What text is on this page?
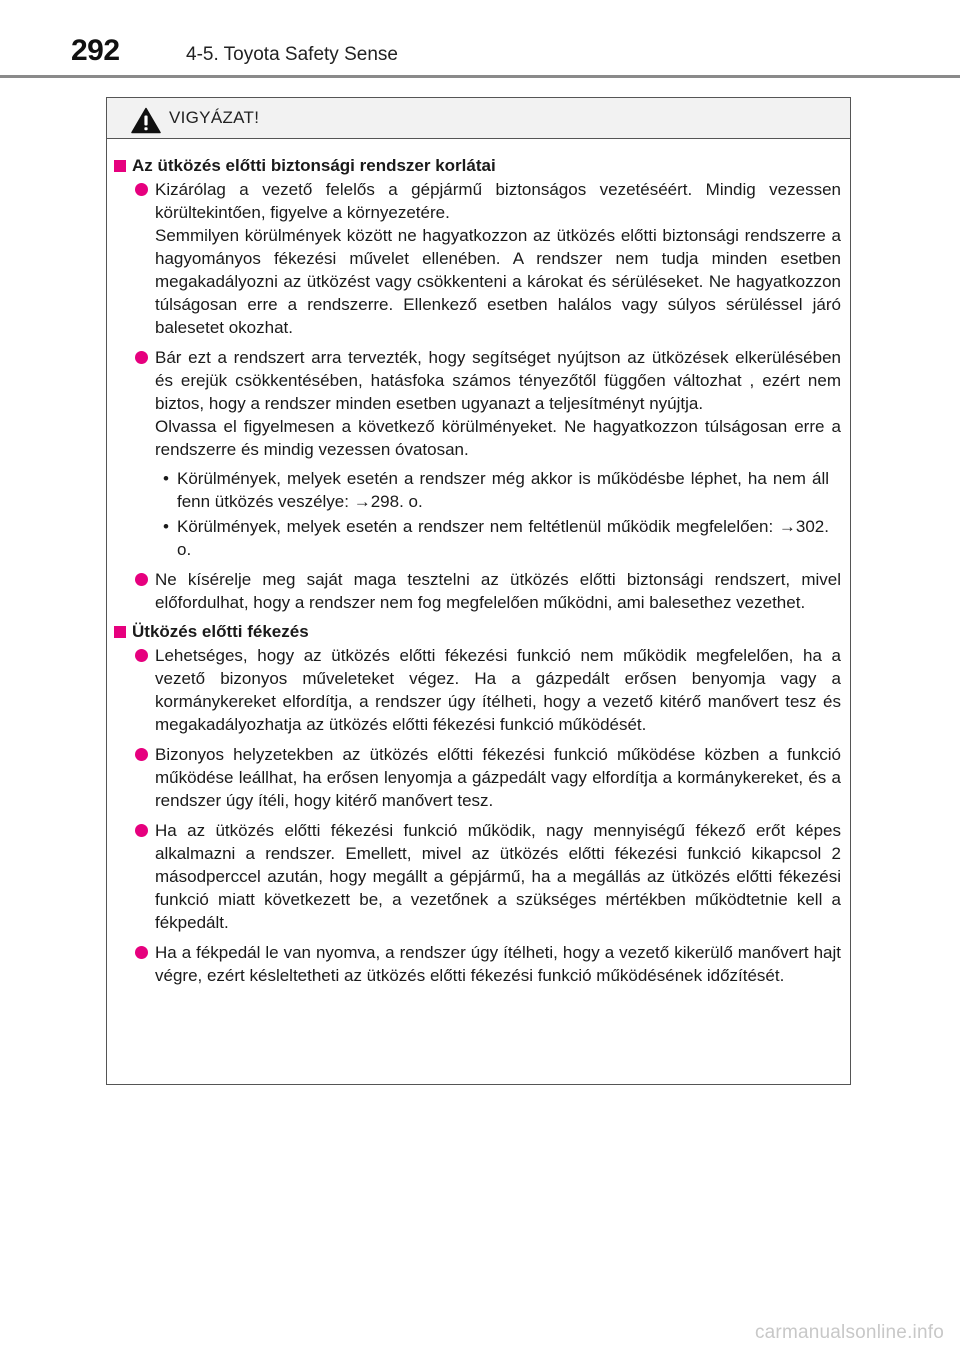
292	4-5. Toyota Safety Sense
VIGYÁZAT!
Az ütközés előtti biztonsági rendszer korlátai

Kizárólag a vezető felelős a gépjármű biztonságos vezetéséért. Mindig vezessen körültekintően, figyelve a környezetére.

Semmilyen körülmények között ne hagyatkozzon az ütközés előtti biztonsági rendszerre a hagyományos fékezési művelet ellenében. A rendszer nem tudja minden esetben megakadályozni az ütközést vagy csökkenteni a károkat és sérüléseket. Ne hagyatkozzon túlságosan erre a rendszerre. Ellenkező esetben halálos vagy súlyos sérüléssel járó balesetet okozhat.

Bár ezt a rendszert arra tervezték, hogy segítséget nyújtson az ütközések elkerülésében és erejük csökkentésében, hatásfoka számos tényezőtől függően változhat , ezért nem biztos, hogy a rendszer minden esetben ugyanazt a teljesítményt nyújtja.

Olvassa el figyelmesen a következő körülményeket. Ne hagyatkozzon túlságosan erre a rendszerre és mindig vezessen óvatosan.

• Körülmények, melyek esetén a rendszer még akkor is működésbe léphet, ha nem áll fenn ütközés veszélye: →298. o.
• Körülmények, melyek esetén a rendszer nem feltétlenül működik megfelelően: →302. o.

Ne kísérelje meg saját maga tesztelni az ütközés előtti biztonsági rendszert, mivel előfordulhat, hogy a rendszer nem fog megfelelően működni, ami balesethez vezethet.

Ütközés előtti fékezés

Lehetséges, hogy az ütközés előtti fékezési funkció nem működik megfelelően, ha a vezető bizonyos műveleteket végez. Ha a gázpedált erősen benyomja vagy a kormánykereket elfordítja, a rendszer úgy ítélheti, hogy a vezető kitérő manővert tesz és megakadályozhatja az ütközés előtti fékezési funkció működését.

Bizonyos helyzetekben az ütközés előtti fékezési funkció működése közben a funkció működése leállhat, ha erősen lenyomja a gázpedált vagy elfordítja a kormánykereket, és a rendszer úgy ítéli, hogy kitérő manővert tesz.

Ha az ütközés előtti fékezési funkció működik, nagy mennyiségű fékező erőt képes alkalmazni a rendszer. Emellett, mivel az ütközés előtti fékezési funkció kikapcsol 2 másodperccel azután, hogy megállt a gépjármű, ha a megállás az ütközés előtti fékezési funkció miatt következett be, a vezetőnek a szükséges mértékben működtetnie kell a fékpedált.

Ha a fékpedál le van nyomva, a rendszer úgy ítélheti, hogy a vezető kikerülő manővert hajt végre, ezért késleltetheti az ütközés előtti fékezési funkció működésének időzítését.

carmanualsonline.info
